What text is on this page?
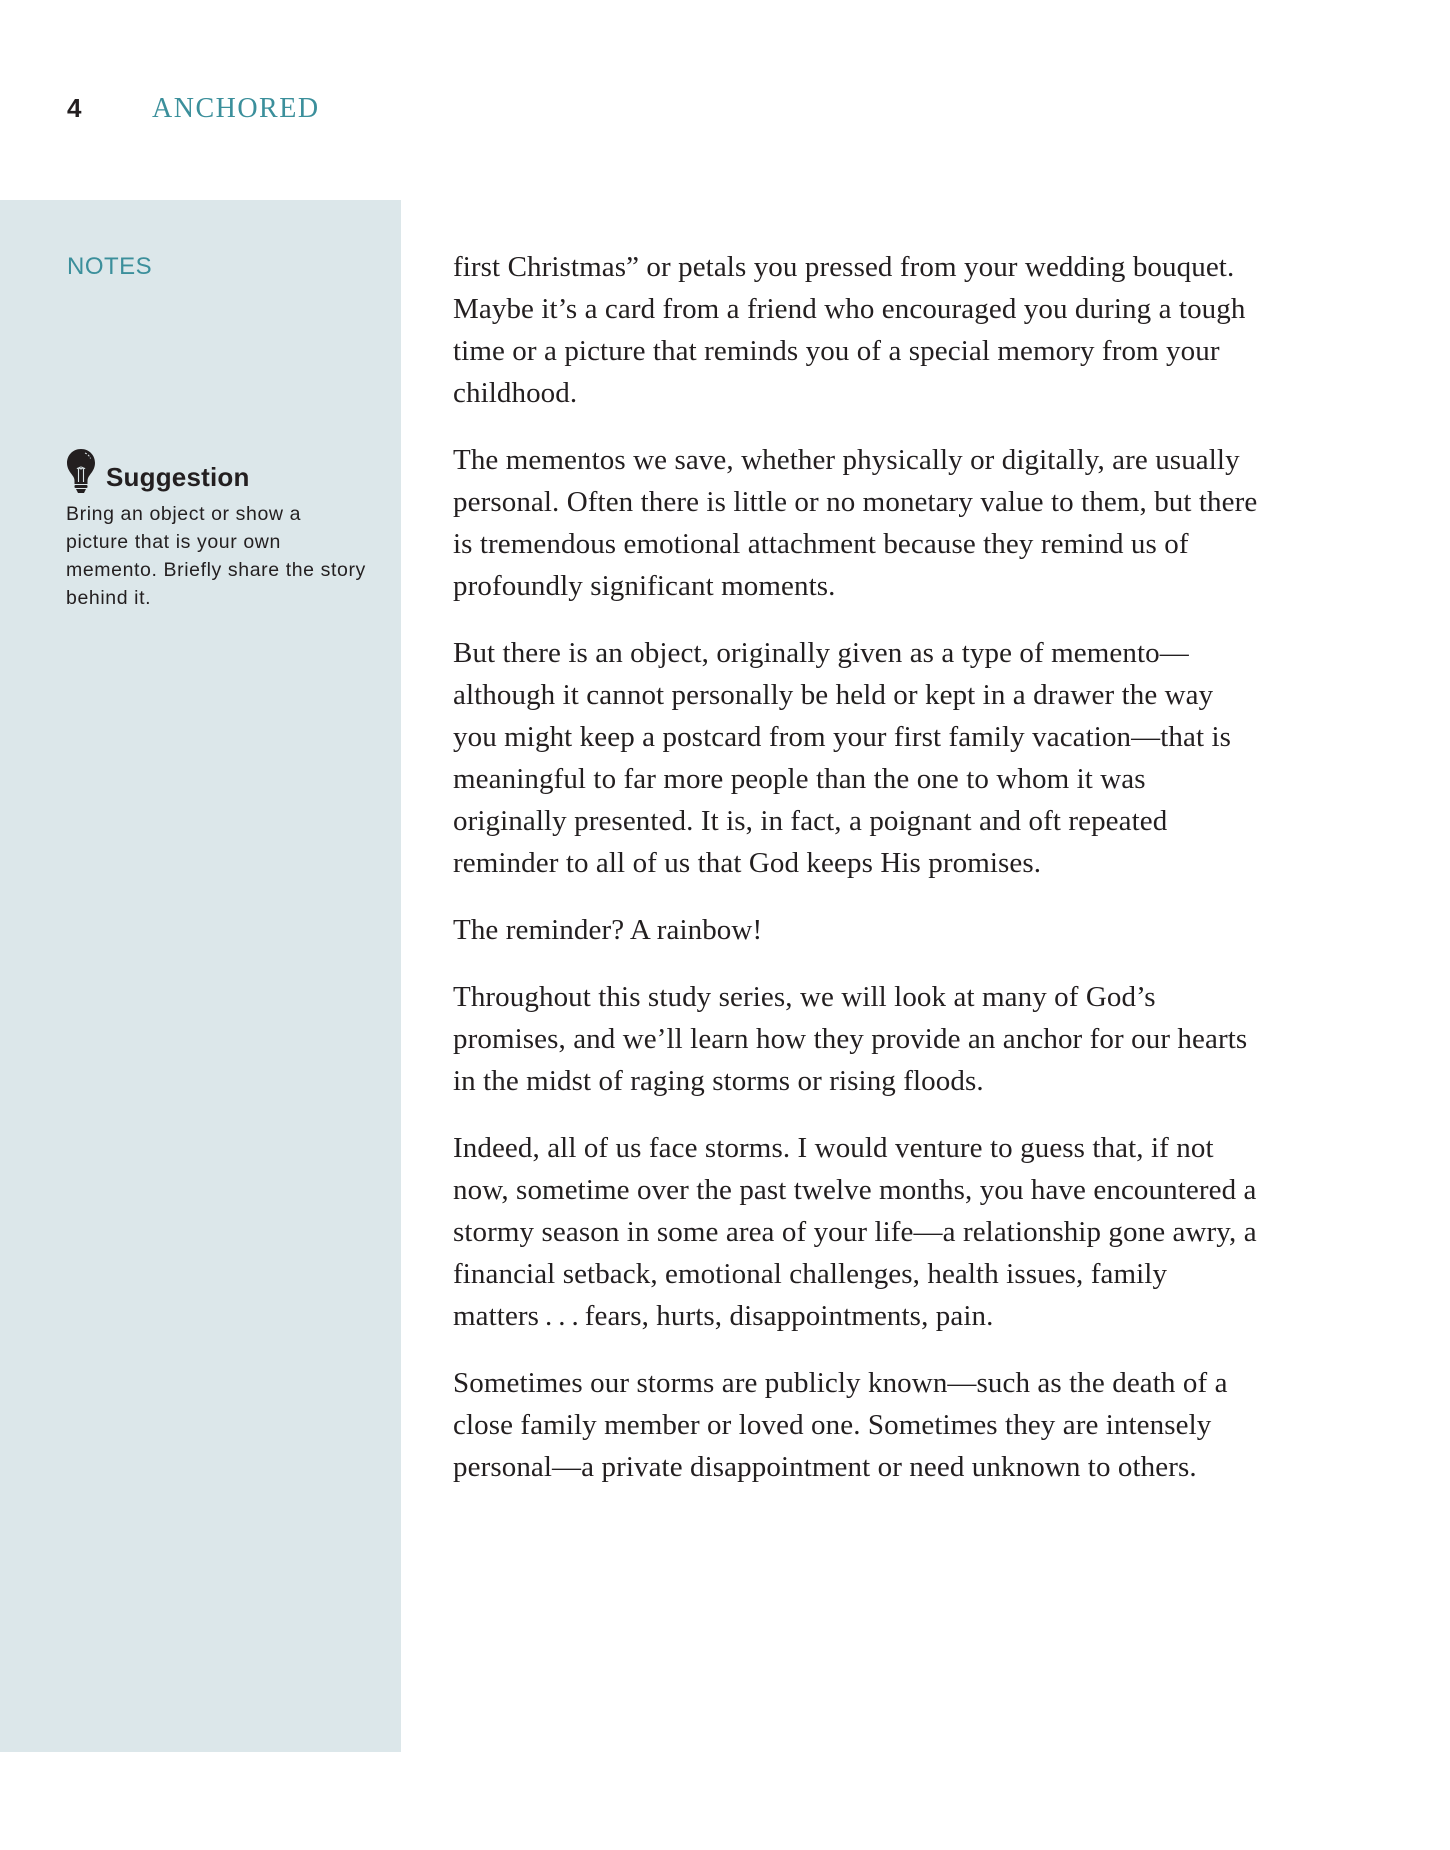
4	ANCHORED
NOTES
Suggestion
Bring an object or show a picture that is your own memento. Briefly share the story behind it.

first Christmas” or petals you pressed from your wedding bouquet. Maybe it’s a card from a friend who encouraged you during a tough time or a picture that reminds you of a special memory from your childhood.

The mementos we save, whether physically or digitally, are usually personal. Often there is little or no monetary value to them, but there is tremendous emotional attachment because they remind us of profoundly significant moments.

But there is an object, originally given as a type of memento—although it cannot personally be held or kept in a drawer the way you might keep a postcard from your first family vacation—that is meaningful to far more people than the one to whom it was originally presented. It is, in fact, a poignant and oft repeated reminder to all of us that God keeps His promises.

The reminder? A rainbow!

Throughout this study series, we will look at many of God’s promises, and we’ll learn how they provide an anchor for our hearts in the midst of raging storms or rising floods.

Indeed, all of us face storms. I would venture to guess that, if not now, sometime over the past twelve months, you have encountered a stormy season in some area of your life—a relationship gone awry, a financial setback, emotional challenges, health issues, family matters . . . fears, hurts, disappointments, pain.

Sometimes our storms are publicly known—such as the death of a close family member or loved one. Sometimes they are intensely personal—a private disappointment or need unknown to others.
